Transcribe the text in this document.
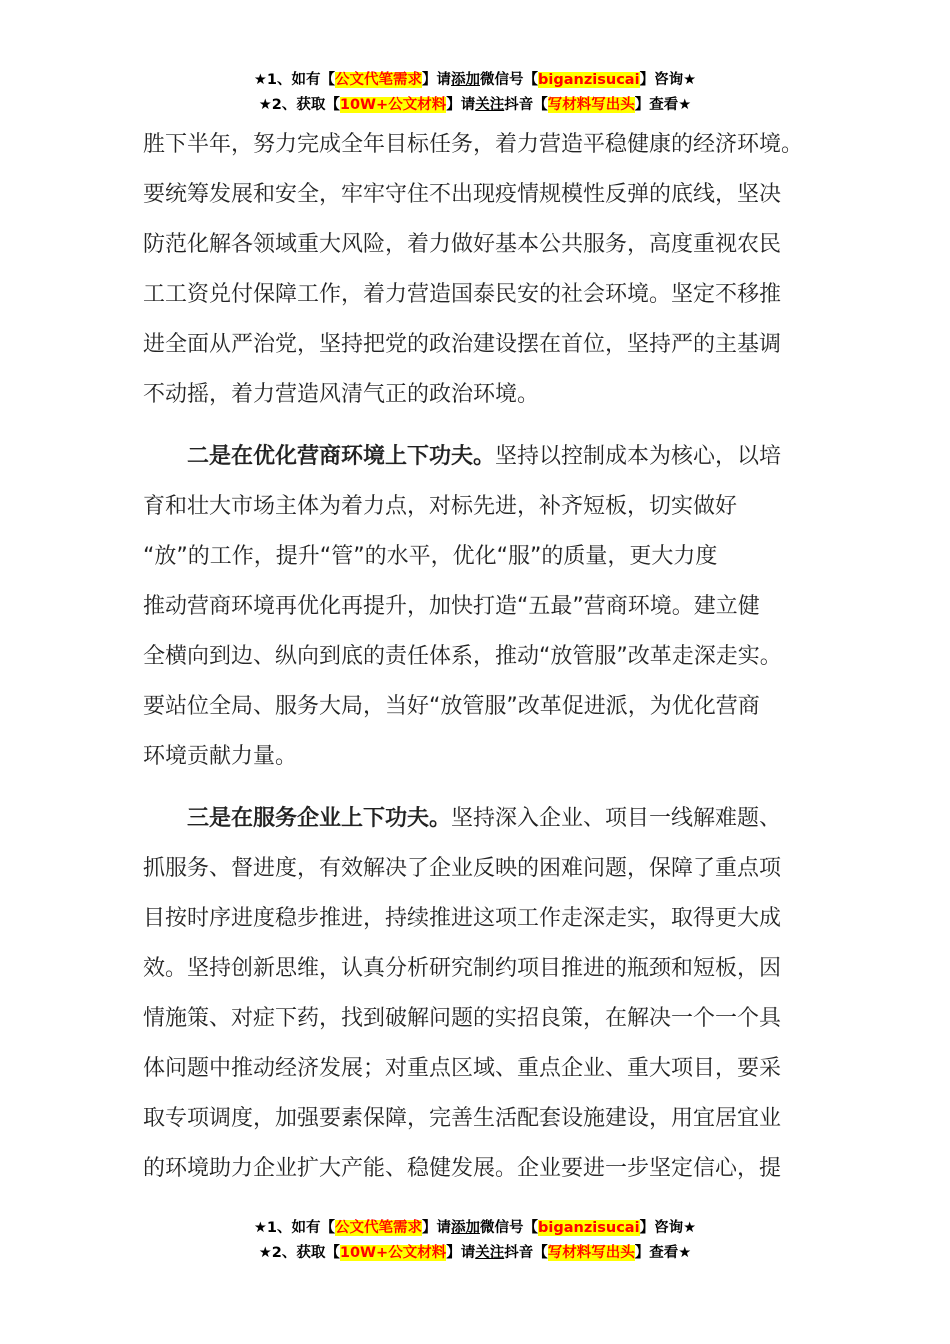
★1、如有【公文代笔需求】请添加微信号【biganzisucai】咨询★
★2、获取【10W+公文材料】请关注抖音【写材料写出头】查看★

胜下半年，努力完成全年目标任务，着力营造平稳健康的经济环境。
要统筹发展和安全，牢牢守住不出现疫情规模性反弹的底线，坚决
防范化解各领域重大风险，着力做好基本公共服务，高度重视农民
工工资兑付保障工作，着力营造国泰民安的社会环境。坚定不移推
进全面从严治党，坚持把党的政治建设摆在首位，坚持严的主基调
不动摇，着力营造风清气正的政治环境。

二是在优化营商环境上下功夫。坚持以控制成本为核心，以培
育和壮大市场主体为着力点，对标先进，补齐短板，切实做好
“放”的工作，提升“管”的水平，优化“服”的质量，更大力度
推动营商环境再优化再提升，加快打造“五最”营商环境。建立健
全横向到边、纵向到底的责任体系，推动“放管服”改革走深走实。
要站位全局、服务大局，当好“放管服”改革促进派，为优化营商
环境贡献力量。

三是在服务企业上下功夫。坚持深入企业、项目一线解难题、
抓服务、督进度，有效解决了企业反映的困难问题，保障了重点项
目按时序进度稳步推进，持续推进这项工作走深走实，取得更大成
效。坚持创新思维，认真分析研究制约项目推进的瓶颈和短板，因
情施策、对症下药，找到破解问题的实招良策，在解决一个一个具
体问题中推动经济发展；对重点区域、重点企业、重大项目，要采
取专项调度，加强要素保障，完善生活配套设施建设，用宜居宜业
的环境助力企业扩大产能、稳健发展。企业要进一步坚定信心，提

★1、如有【公文代笔需求】请添加微信号【biganzisucai】咨询★
★2、获取【10W+公文材料】请关注抖音【写材料写出头】查看★
